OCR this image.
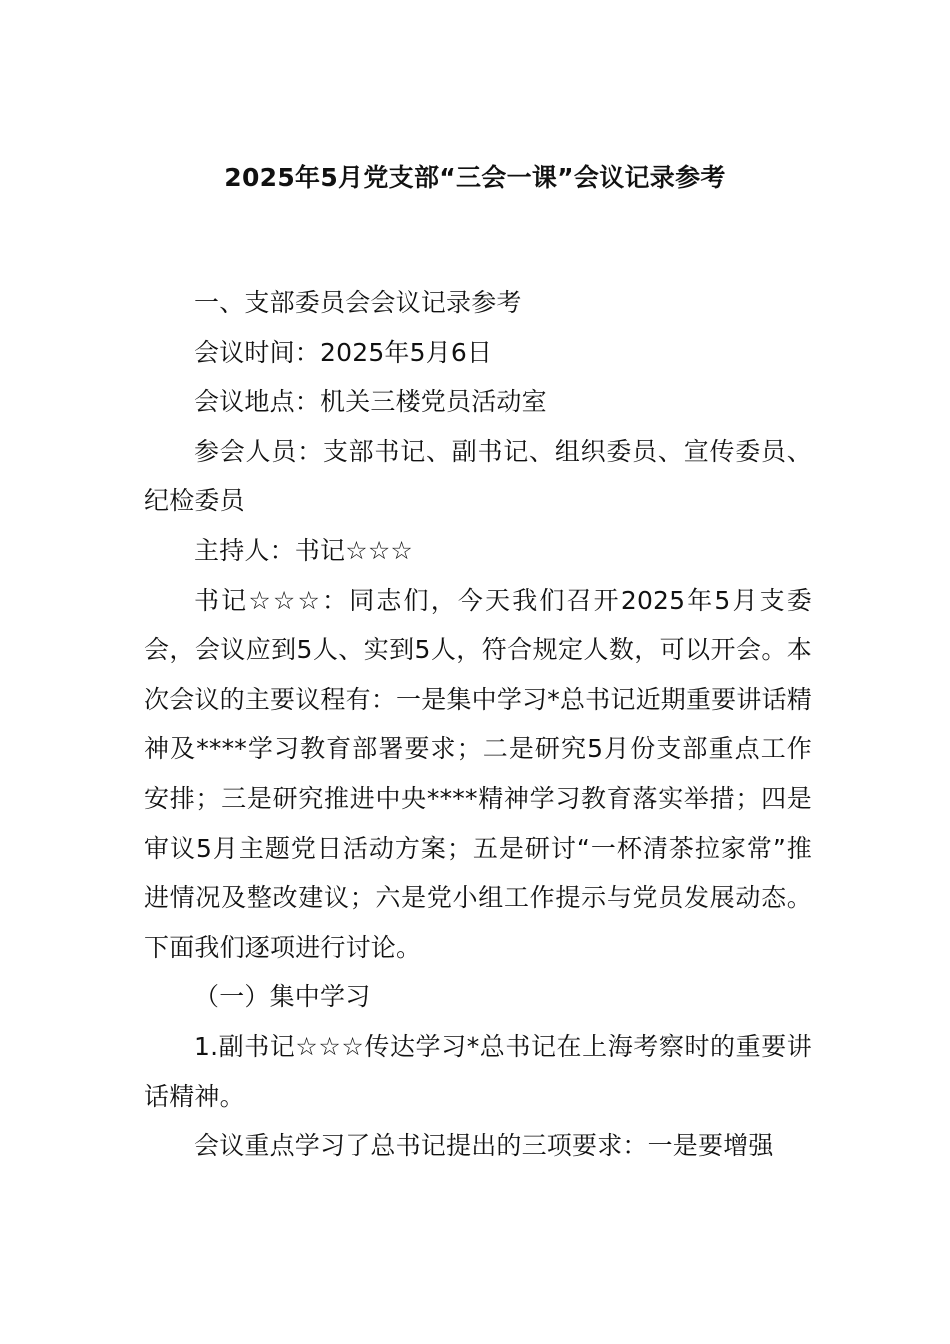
2025年5月党支部“三会一课”会议记录参考

一、支部委员会会议记录参考

会议时间：2025年5月6日

会议地点：机关三楼党员活动室

参会人员：支部书记、副书记、组织委员、宣传委员、纪检委员

主持人：书记☆☆☆

书记☆☆☆：同志们，今天我们召开2025年5月支委会，会议应到5人、实到5人，符合规定人数，可以开会。本次会议的主要议程有：一是集中学习*总书记近期重要讲话精神及****学习教育部署要求；二是研究5月份支部重点工作安排；三是研究推进中央****精神学习教育落实举措；四是审议5月主题党日活动方案；五是研讨“一杯清茶拉家常”推进情况及整改建议；六是党小组工作提示与党员发展动态。下面我们逐项进行讨论。

（一）集中学习

1.副书记☆☆☆传达学习*总书记在上海考察时的重要讲话精神。

会议重点学习了总书记提出的三项要求：一是要增强
